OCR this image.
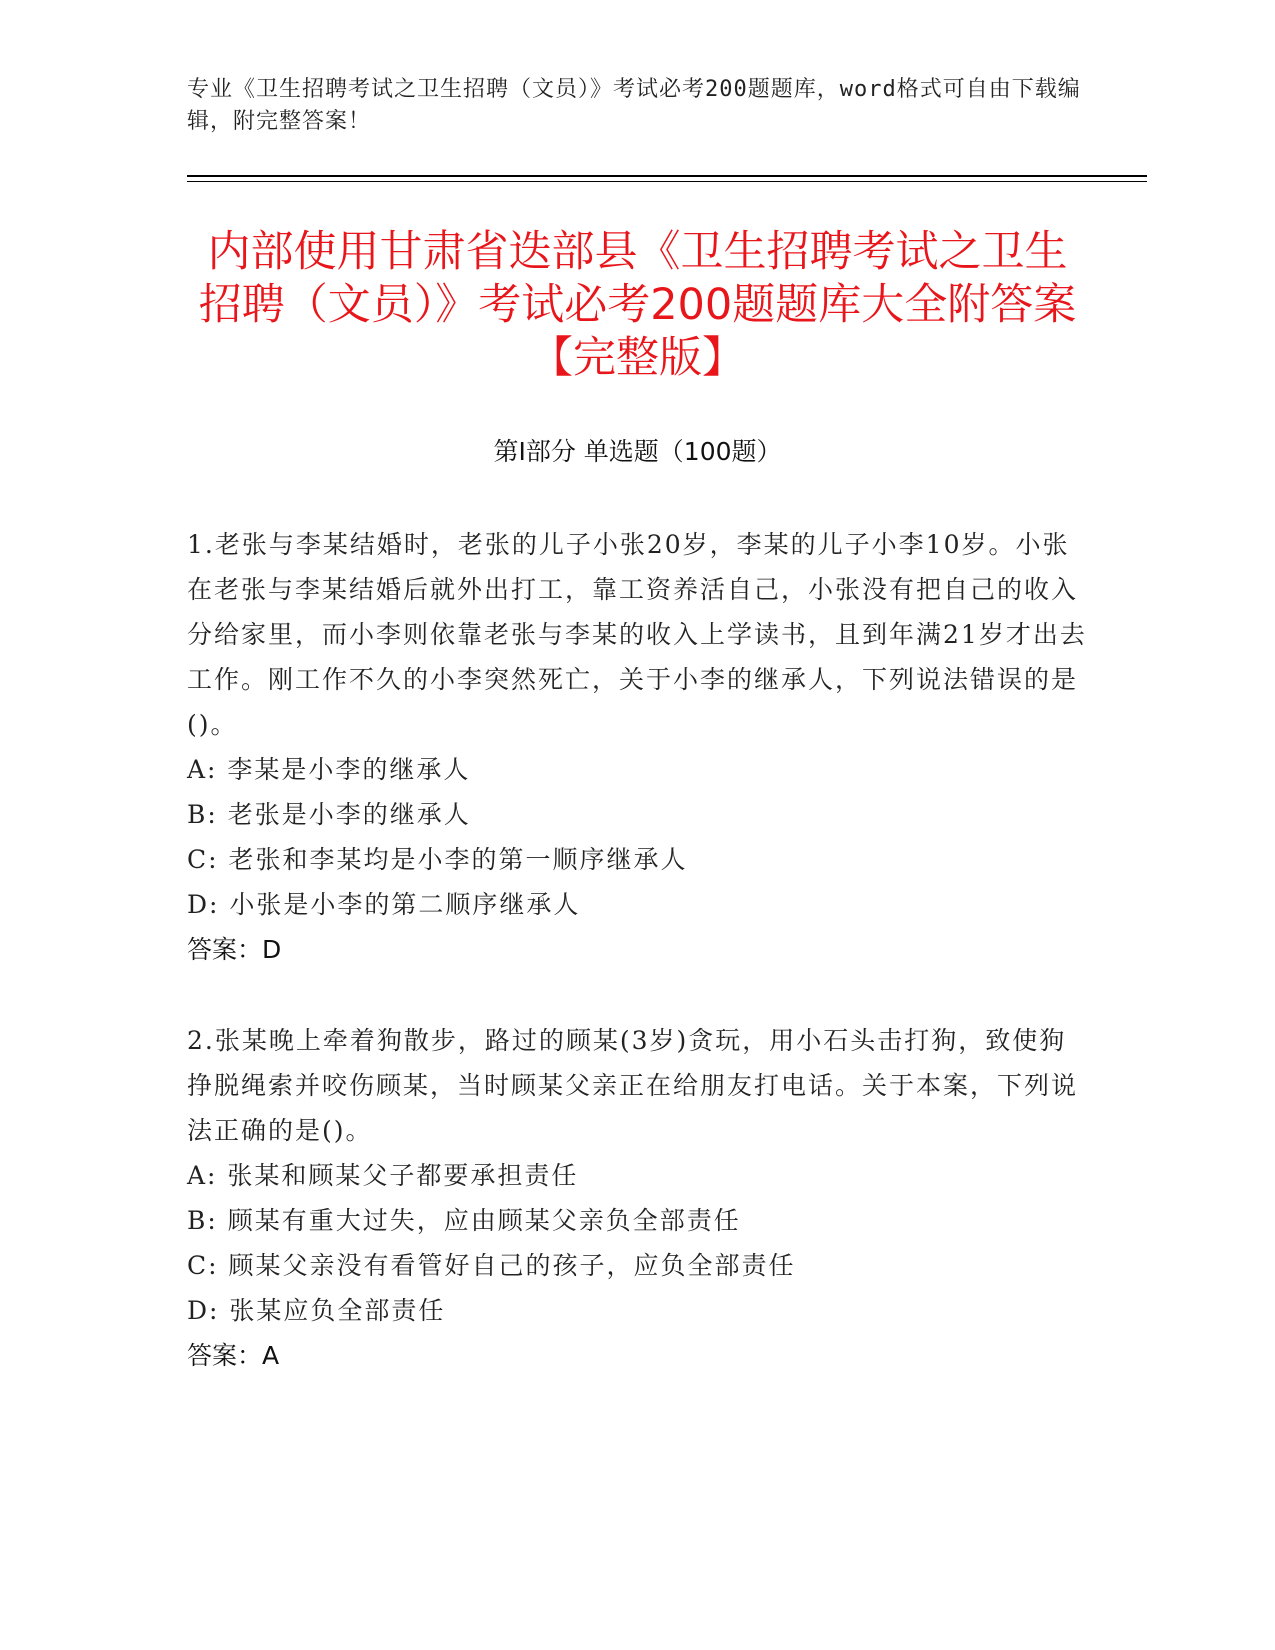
专业《卫生招聘考试之卫生招聘（文员）》考试必考200题题库，word格式可自由下载编辑，附完整答案！
内部使用甘肃省迭部县《卫生招聘考试之卫生招聘（文员）》考试必考200题题库大全附答案【完整版】
第Ⅰ部分 单选题（100题）
1.老张与李某结婚时，老张的儿子小张20岁，李某的儿子小李10岁。小张在老张与李某结婚后就外出打工，靠工资养活自己，小张没有把自己的收入分给家里，而小李则依靠老张与李某的收入上学读书，且到年满21岁才出去工作。刚工作不久的小李突然死亡，关于小李的继承人，下列说法错误的是()。
A: 李某是小李的继承人
B: 老张是小李的继承人
C: 老张和李某均是小李的第一顺序继承人
D: 小张是小李的第二顺序继承人
答案：D
2.张某晚上牵着狗散步，路过的顾某(3岁)贪玩，用小石头击打狗，致使狗挣脱绳索并咬伤顾某，当时顾某父亲正在给朋友打电话。关于本案，下列说法正确的是()。
A: 张某和顾某父子都要承担责任
B: 顾某有重大过失，应由顾某父亲负全部责任
C: 顾某父亲没有看管好自己的孩子，应负全部责任
D: 张某应负全部责任
答案：A
